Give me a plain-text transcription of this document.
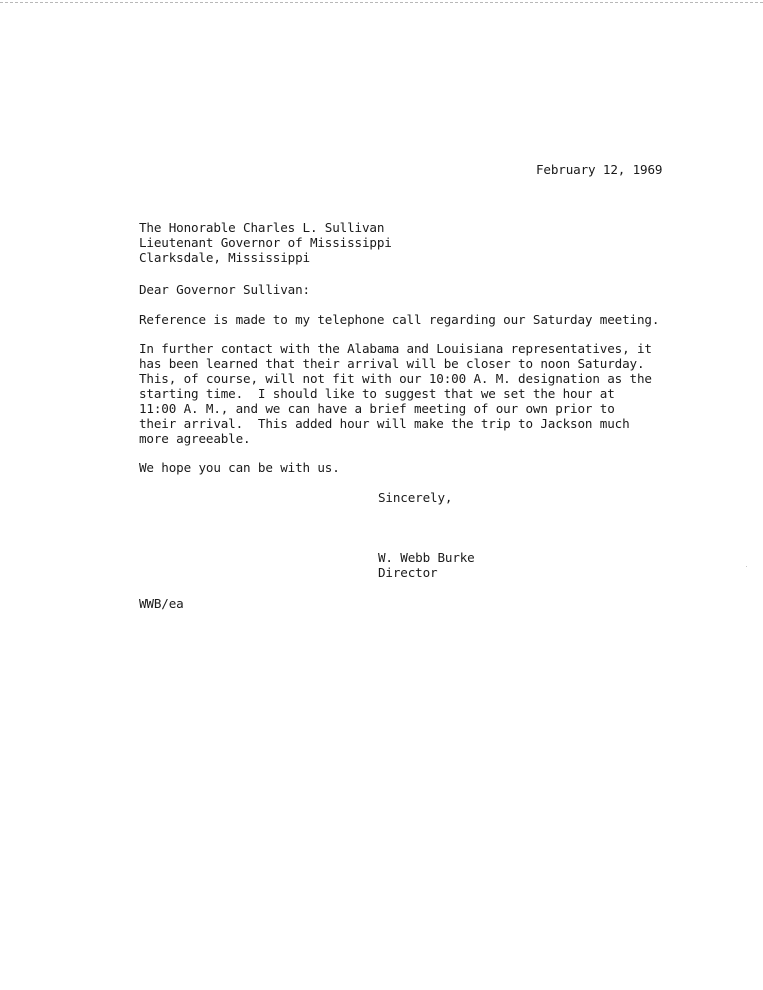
February 12, 1969
The Honorable Charles L. Sullivan
Lieutenant Governor of Mississippi
Clarksdale, Mississippi
Dear Governor Sullivan:
Reference is made to my telephone call regarding our Saturday meeting.
In further contact with the Alabama and Louisiana representatives, it
has been learned that their arrival will be closer to noon Saturday.
This, of course, will not fit with our 10:00 A. M. designation as the
starting time.  I should like to suggest that we set the hour at
11:00 A. M., and we can have a brief meeting of our own prior to
their arrival.  This added hour will make the trip to Jackson much
more agreeable.
We hope you can be with us.
Sincerely,
W. Webb Burke
Director
WWB/ea
